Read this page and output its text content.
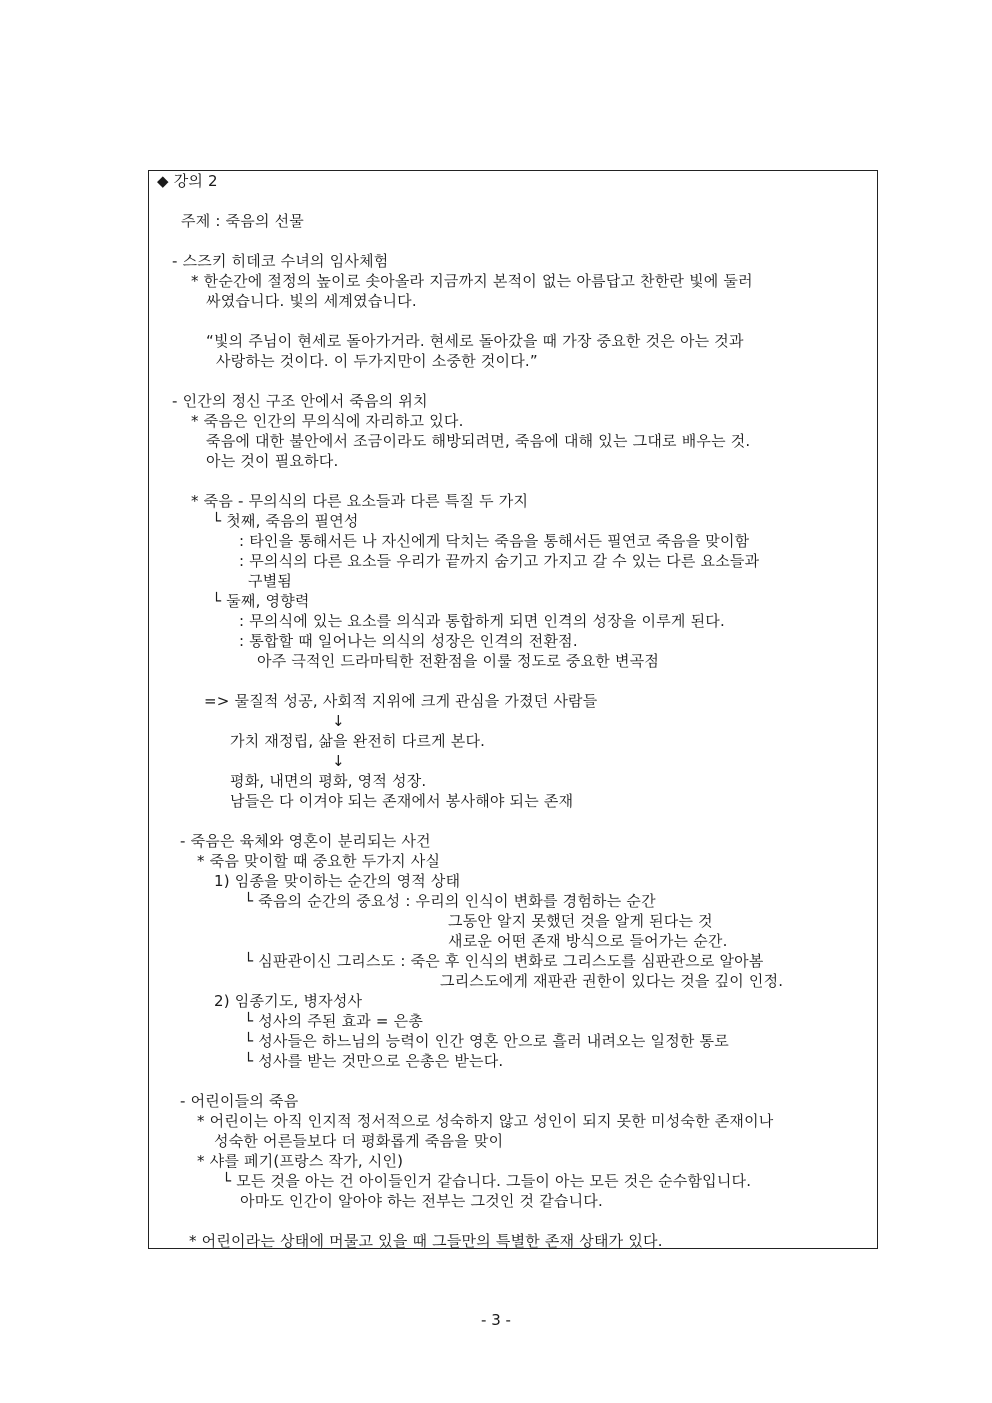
◆ 강의 2
주제 : 죽음의 선물
- 스즈키 히데코 수녀의 임사체험
* 한순간에 절정의 높이로 솟아올라 지금까지 본적이 없는 아름답고 찬한란 빛에 둘러
싸였습니다. 빛의 세계였습니다.
“빛의 주님이 현세로 돌아가거라. 현세로 돌아갔을 때 가장 중요한 것은 아는 것과
사랑하는 것이다. 이 두가지만이 소중한 것이다.”
- 인간의 정신 구조 안에서 죽음의 위치
* 죽음은 인간의 무의식에 자리하고 있다.
죽음에 대한 불안에서 조금이라도 해방되려면, 죽음에 대해 있는 그대로 배우는 것.
아는 것이 필요하다.
* 죽음 - 무의식의 다른 요소들과 다른 특질 두 가지
└ 첫째, 죽음의 필연성
: 타인을 통해서든 나 자신에게 닥치는 죽음을 통해서든 필연코 죽음을 맞이함
: 무의식의 다른 요소들 우리가 끝까지 숨기고 가지고 갈 수 있는 다른 요소들과
구별됨
└ 둘째, 영향력
: 무의식에 있는 요소를 의식과 통합하게 되면 인격의 성장을 이루게 된다.
: 통합할 때 일어나는 의식의 성장은 인격의 전환점.
아주 극적인 드라마틱한 전환점을 이룰 정도로 중요한 변곡점
=> 물질적 성공, 사회적 지위에 크게 관심을 가졌던 사람들
↓
가치 재정립, 삶을 완전히 다르게 본다.
↓
평화, 내면의 평화, 영적 성장.
남들은 다 이겨야 되는 존재에서 봉사해야 되는 존재
- 죽음은 육체와 영혼이 분리되는 사건
* 죽음 맞이할 때 중요한 두가지 사실
1) 임종을 맞이하는 순간의 영적 상태
└ 죽음의 순간의 중요성 : 우리의 인식이 변화를 경험하는 순간
그동안 알지 못했던 것을 알게 된다는 것
새로운 어떤 존재 방식으로 들어가는 순간.
└ 심판관이신 그리스도 : 죽은 후 인식의 변화로 그리스도를 심판관으로 알아봄
그리스도에게 재판관 권한이 있다는 것을 깊이 인정.
2) 임종기도, 병자성사
└ 성사의 주된 효과 = 은총
└ 성사들은 하느님의 능력이 인간 영혼 안으로 흘러 내려오는 일정한 통로
└ 성사를 받는 것만으로 은총은 받는다.
- 어린이들의 죽음
* 어린이는 아직 인지적 정서적으로 성숙하지 않고 성인이 되지 못한 미성숙한 존재이나
성숙한 어른들보다 더 평화롭게 죽음을 맞이
* 샤를 페기(프랑스 작가, 시인)
└ 모든 것을 아는 건 아이들인거 같습니다. 그들이 아는 모든 것은 순수함입니다.
아마도 인간이 알아야 하는 전부는 그것인 것 같습니다.
* 어린이라는 상태에 머물고 있을 때 그들만의 특별한 존재 상태가 있다.
- 3 -
